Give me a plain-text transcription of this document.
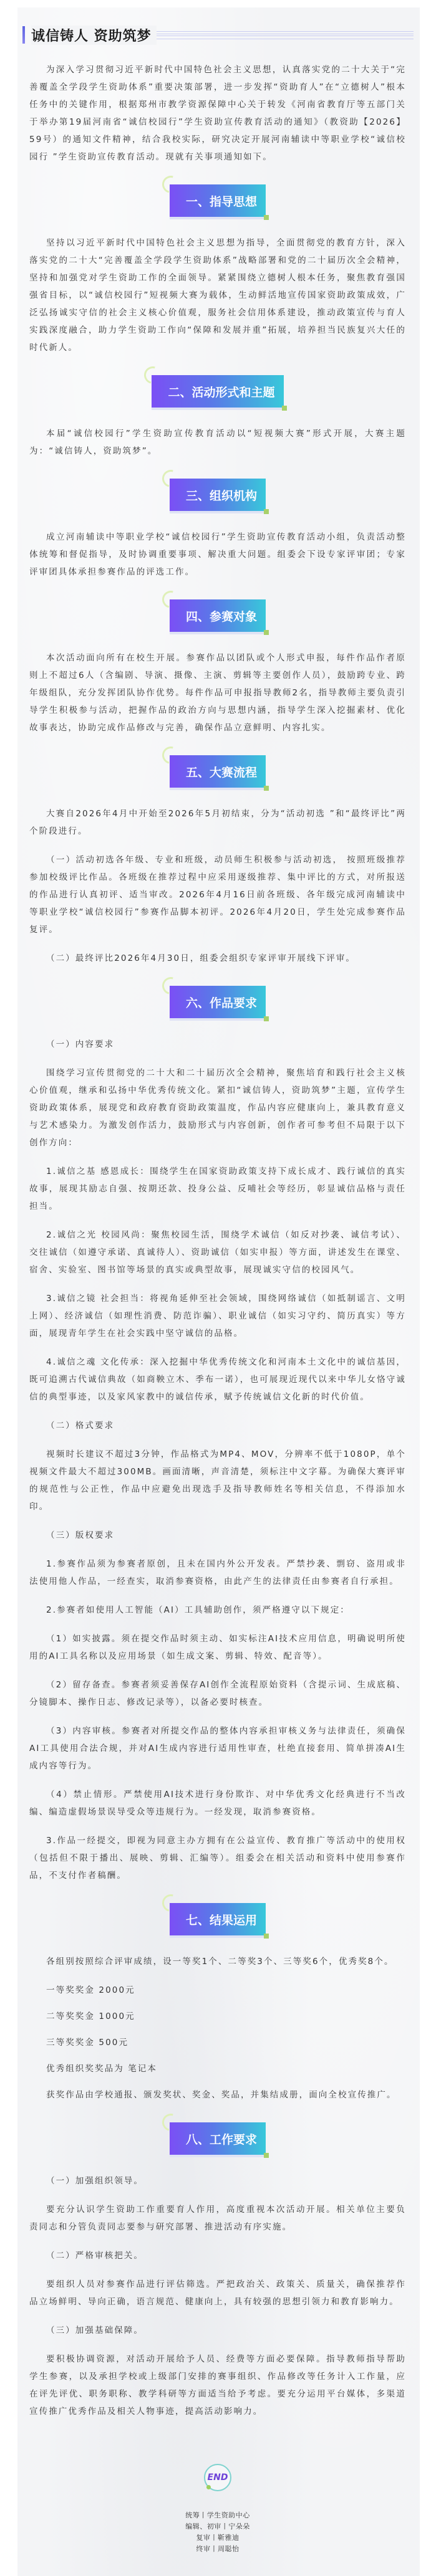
诚信铸人 资助筑梦

为深入学习贯彻习近平新时代中国特色社会主义思想，认真落实党的二十大关于“完善覆盖全学段学生资助体系”重要决策部署，进一步发挥“资助育人”在“立德树人”根本任务中的关键作用，根据郑州市教学资源保障中心关于转发《河南省教育厅等五部门关于举办第19届河南省“诚信校园行”学生资助宣传教育活动的通知》（教资助【2026】59号）的通知文件精神，结合我校实际，研究决定开展河南辅读中等职业学校“诚信校园行 ”学生资助宣传教育活动。现就有关事项通知如下。

一、指导思想

坚持以习近平新时代中国特色社会主义思想为指导，全面贯彻党的教育方针，深入落实党的二十大“完善覆盖全学段学生资助体系”战略部署和党的二十届历次全会精神，坚持和加强党对学生资助工作的全面领导。紧紧围绕立德树人根本任务，聚焦教育强国强省目标，以“诚信校园行”短视频大赛为载体，生动鲜活地宣传国家资助政策成效，广泛弘扬诚实守信的社会主义核心价值观，服务社会信用体系建设，推动政策宣传与育人实践深度融合，助力学生资助工作向“保障和发展并重”拓展，培养担当民族复兴大任的时代新人。

二、活动形式和主题

本届“诚信校园行”学生资助宣传教育活动以“短视频大赛”形式开展，大赛主题为：“诚信铸人，资助筑梦”。

三、组织机构

成立河南辅读中等职业学校“诚信校园行”学生资助宣传教育活动小组，负责活动整体统筹和督促指导，及时协调重要事项、解决重大问题。组委会下设专家评审团；专家评审团具体承担参赛作品的评选工作。

四、参赛对象

本次活动面向所有在校生开展。参赛作品以团队或个人形式申报，每件作品作者原则上不超过6人（含编剧、导演、摄像、主演、剪辑等主要创作人员），鼓励跨专业、跨年级组队，充分发挥团队协作优势。每件作品可申报指导教师2名，指导教师主要负责引导学生积极参与活动，把握作品的政治方向与思想内涵，指导学生深入挖掘素材、优化故事表达，协助完成作品修改与完善，确保作品立意鲜明、内容扎实。

五、大赛流程

大赛自2026年4月中开始至2026年5月初结束，分为“活动初选 ”和“最终评比”两个阶段进行。

（一）活动初选各年级、专业和班级，动员师生积极参与活动初选， 按照班级推荐参加校级评比作品。各班级在推荐过程中应采用逐级推荐、集中评比的方式，对所报送的作品进行认真初评、适当审改。2026年4月16日前各班级、各年级完成河南辅读中等职业学校“诚信校园行”参赛作品脚本初评。2026年4月20日，学生处完成参赛作品复评。

（二）最终评比2026年4月30日，组委会组织专家评审开展线下评审。

六、作品要求

（一）内容要求

围绕学习宣传贯彻党的二十大和二十届历次全会精神，聚焦培育和践行社会主义核心价值观，继承和弘扬中华优秀传统文化。紧扣“诚信铸人，资助筑梦”主题，宣传学生资助政策体系，展现党和政府教育资助政策温度，作品内容应健康向上，兼具教育意义与艺术感染力。为激发创作活力，鼓励形式与内容创新，创作者可参考但不局限于以下创作方向：

1.诚信之基 感恩成长：围绕学生在国家资助政策支持下成长成才、践行诚信的真实故事，展现其励志自强、按期还款、投身公益、反哺社会等经历，彰显诚信品格与责任担当。

2.诚信之光 校园风尚：聚焦校园生活，围绕学术诚信（如反对抄袭、诚信考试）、交往诚信（如遵守承诺、真诚待人）、资助诚信（如实申报）等方面，讲述发生在课堂、宿舍、实验室、图书馆等场景的真实或典型故事，展现诚实守信的校园风气。

3.诚信之镜 社会担当：将视角延伸至社会领域，围绕网络诚信（如抵制谣言、文明上网）、经济诚信（如理性消费、防范诈骗）、职业诚信（如实习守约、简历真实）等方面，展现青年学生在社会实践中坚守诚信的品格。

4.诚信之魂 文化传承：深入挖掘中华优秀传统文化和河南本土文化中的诚信基因，既可追溯古代诚信典故（如商鞅立木、季布一诺），也可展现近现代以来中华儿女恪守诚信的典型事迹，以及家风家教中的诚信传承，赋予传统诚信文化新的时代价值。

（二）格式要求

视频时长建议不超过3分钟，作品格式为MP4、MOV，分辨率不低于1080P，单个视频文件最大不超过300MB。画面清晰，声音清楚，须标注中文字幕。为确保大赛评审的规范性与公正性，作品中应避免出现选手及指导教师姓名等相关信息，不得添加水印。

（三）版权要求

1.参赛作品须为参赛者原创，且未在国内外公开发表。严禁抄袭、剽窃、盗用或非法使用他人作品，一经查实，取消参赛资格，由此产生的法律责任由参赛者自行承担。

2.参赛者如使用人工智能（AI）工具辅助创作，须严格遵守以下规定：

（1）如实披露。须在提交作品时须主动、如实标注AI技术应用信息，明确说明所使用的AI工具名称以及应用场景（如生成文案、剪辑、特效、配音等）。

（2）留存备查。参赛者须妥善保存AI创作全流程原始资料（含提示词、生成底稿、分镜脚本、操作日志、修改记录等），以备必要时核查。

（3）内容审核。参赛者对所提交作品的整体内容承担审核义务与法律责任，须确保AI工具使用合法合规，并对AI生成内容进行适用性审查，杜绝直接套用、简单拼凑AI生成内容等行为。

（4）禁止情形。严禁使用AI技术进行身份欺诈、对中华优秀文化经典进行不当改编、编造虚假场景误导受众等违规行为。一经发现，取消参赛资格。

3.作品一经提交，即视为同意主办方拥有在公益宣传、教育推广等活动中的使用权（包括但不限于播出、展映、剪辑、汇编等）。组委会在相关活动和资料中使用参赛作品，不支付作者稿酬。

七、结果运用

各组别按照综合评审成绩，设一等奖1个、二等奖3个、三等奖6个，优秀奖8个。

一等奖奖金 2000元

二等奖奖金 1000元

三等奖奖金 500元

优秀组织奖奖品为 笔记本

获奖作品由学校通报、颁发奖状、奖金、奖品，并集结成册，面向全校宣传推广。

八、工作要求

（一）加强组织领导。

要充分认识学生资助工作重要育人作用，高度重视本次活动开展。相关单位主要负责同志和分管负责同志要参与研究部署、推进活动有序实施。

（二）严格审核把关。

要组织人员对参赛作品进行评估筛选。严把政治关、政策关、质量关，确保推荐作品立场鲜明、导向正确，语言规范、健康向上，具有较强的思想引领力和教育影响力。

（三）加强基础保障。

要积极协调资源，对活动开展给予人员、经费等方面必要保障。指导教师指导帮助学生参赛，以及承担学校或上级部门安排的赛事组织、作品修改等任务计入工作量，应在评先评优、职务职称、教学科研等方面适当给予考虑。要充分运用平台媒体，多渠道宣传推广优秀作品及相关人物事迹，提高活动影响力。

END
统筹丨学生资助中心
编辑、初审丨宁朵朵
复审丨靳雅迪
终审丨周聪怡
